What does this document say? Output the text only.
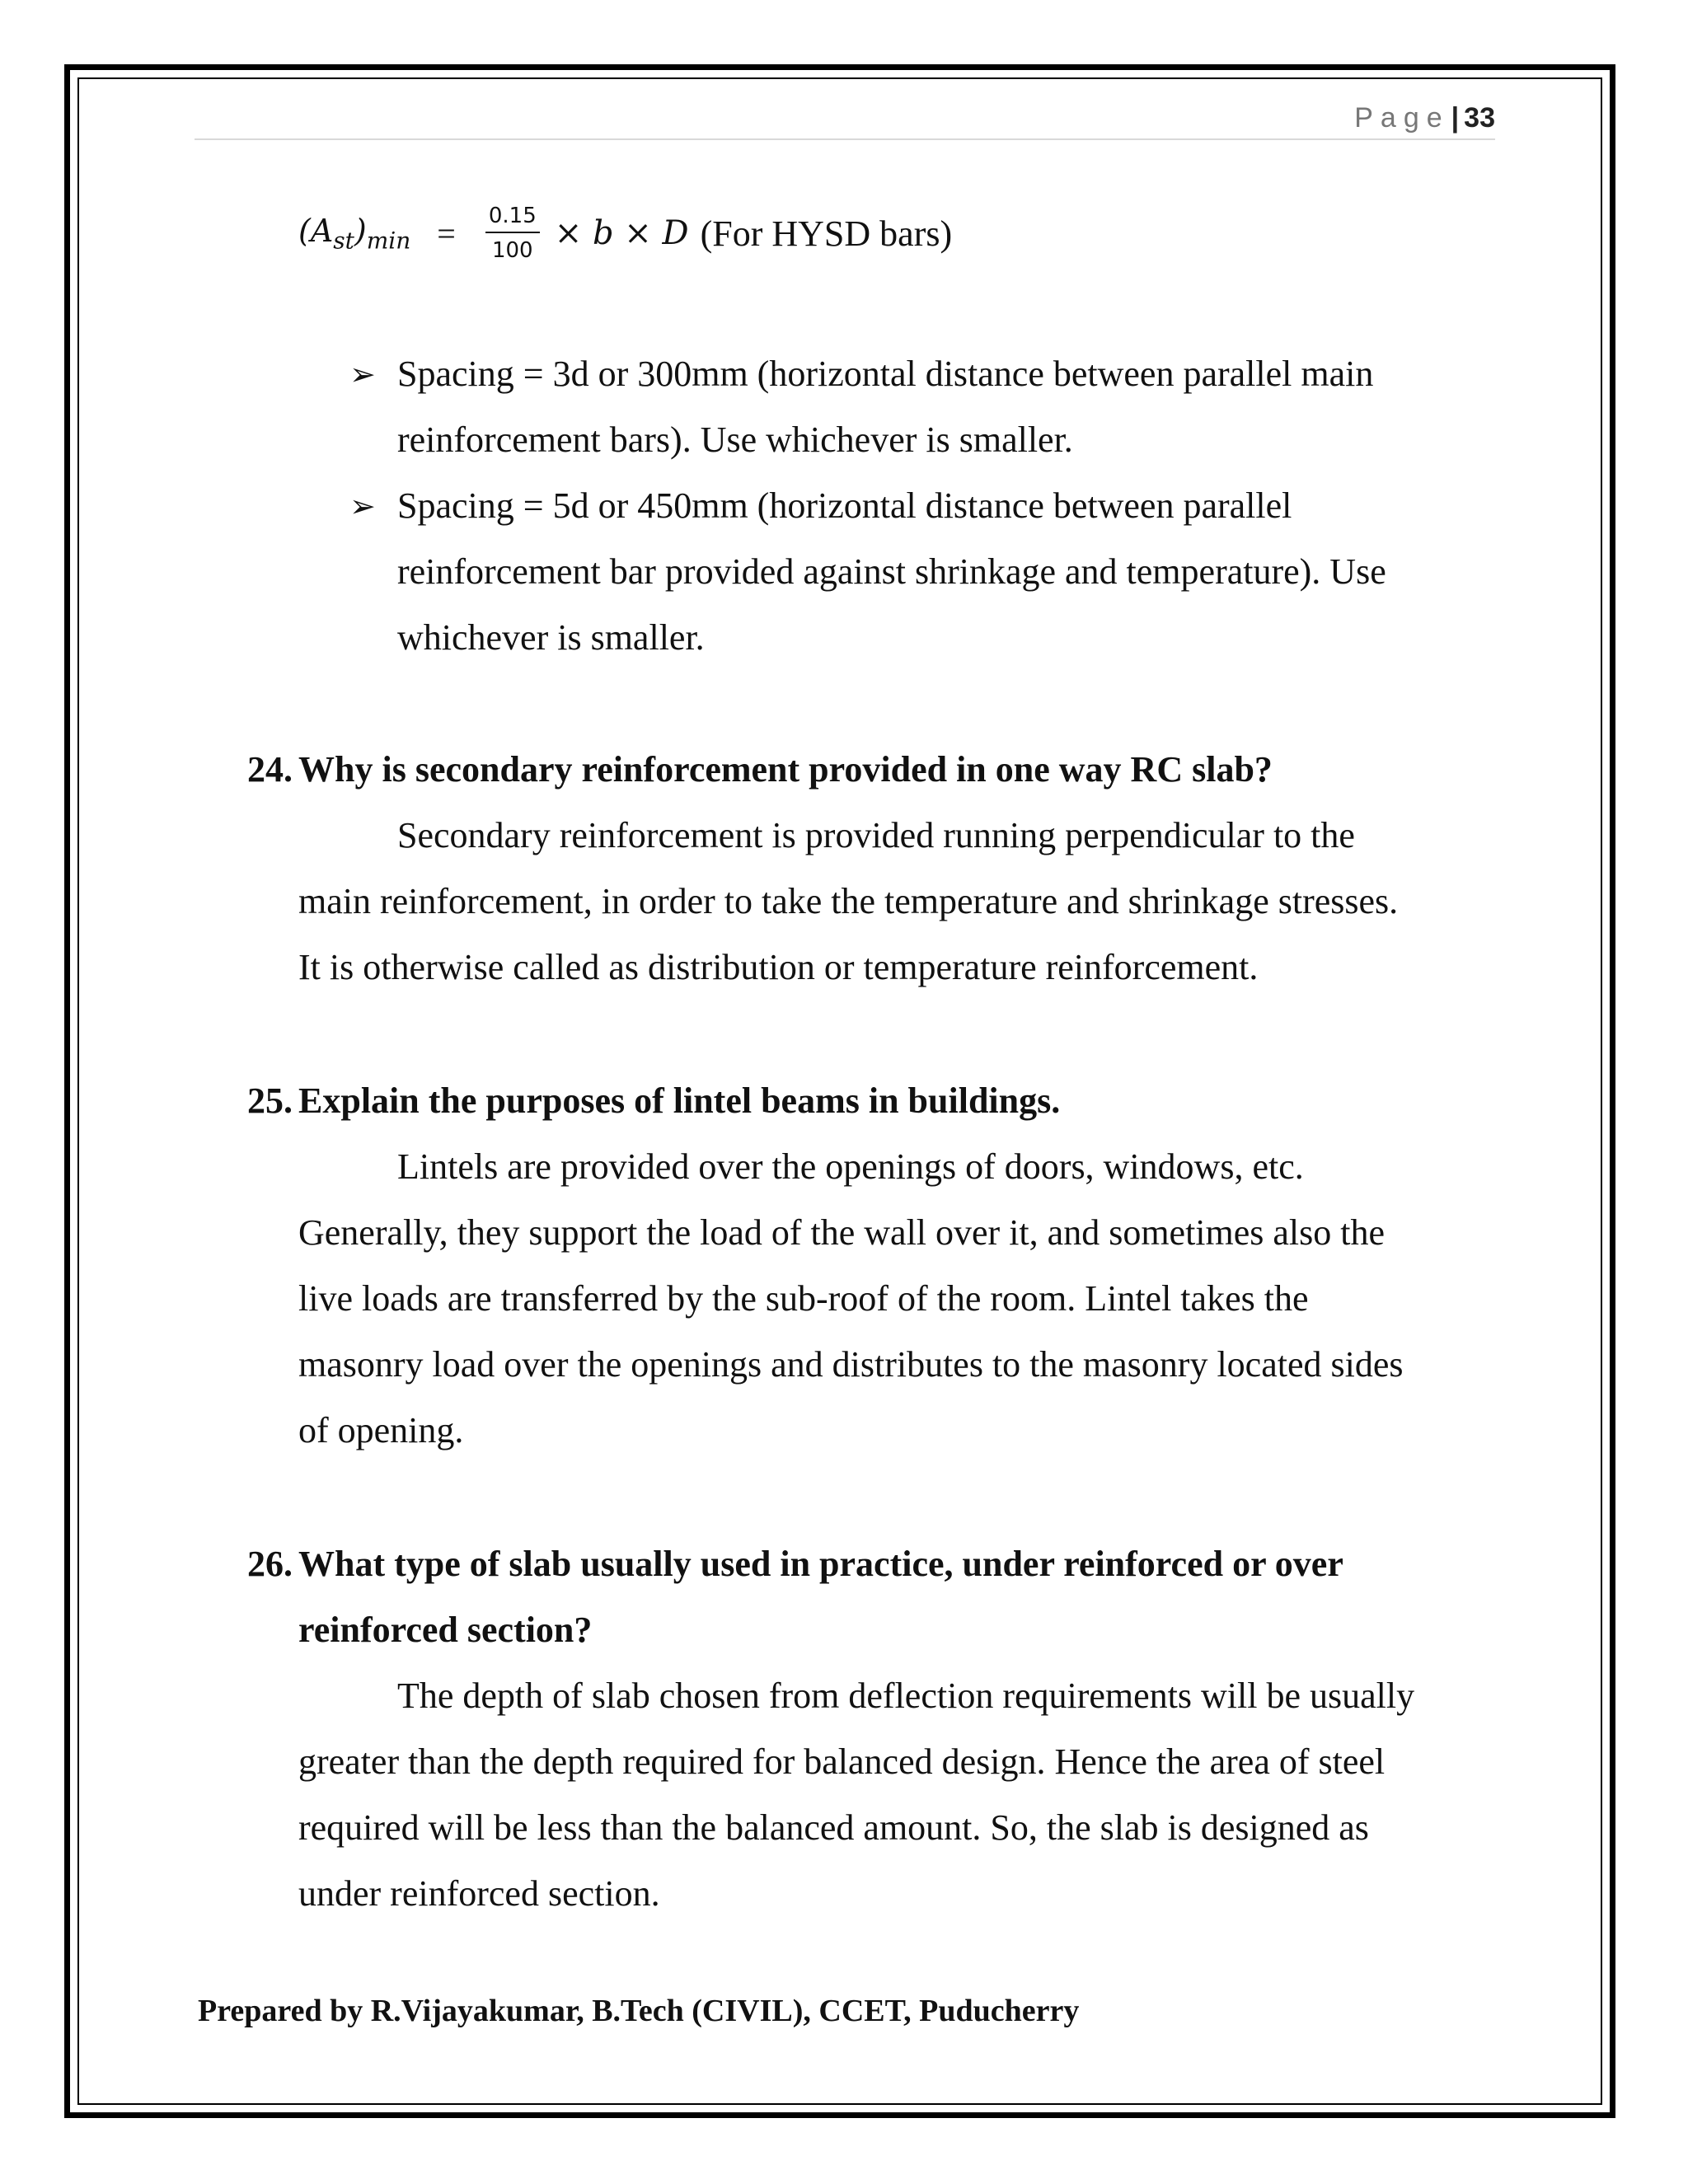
Page| 33
$(A_{st})_{min} = \frac{0.15}{100} \times b \times D$ (For HYSD bars)
➢ Spacing = 3d or 300mm (horizontal distance between parallel main
reinforcement bars). Use whichever is smaller.

➢ Spacing = 5d or 450mm (horizontal distance between parallel
reinforcement bar provided against shrinkage and temperature). Use
whichever is smaller.

24. Why is secondary reinforcement provided in one way RC slab?

Secondary reinforcement is provided running perpendicular to the
main reinforcement, in order to take the temperature and shrinkage stresses.
It is otherwise called as distribution or temperature reinforcement.

25. Explain the purposes of lintel beams in buildings.

Lintels are provided over the openings of doors, windows, etc.
Generally, they support the load of the wall over it, and sometimes also the
live loads are transferred by the sub-roof of the room. Lintel takes the
masonry load over the openings and distributes to the masonry located sides
of opening.

26. What type of slab usually used in practice, under reinforced or over
reinforced section?

The depth of slab chosen from deflection requirements will be usually
greater than the depth required for balanced design. Hence the area of steel
required will be less than the balanced amount. So, the slab is designed as
under reinforced section.

Prepared by R.Vijayakumar, B.Tech (CIVIL), CCET, Puducherry
